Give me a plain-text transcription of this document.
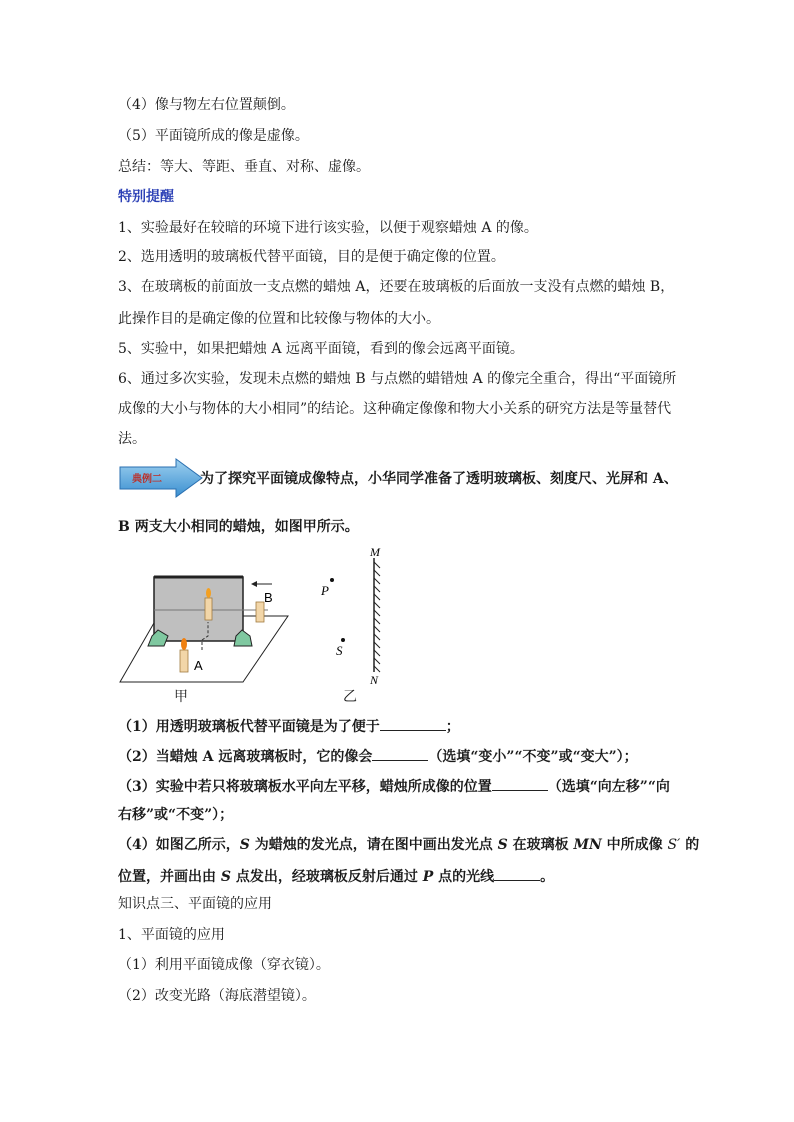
（4）像与物左右位置颠倒。
（5）平面镜所成的像是虚像。
总结：等大、等距、垂直、对称、虚像。
特别提醒
1、实验最好在较暗的环境下进行该实验，以便于观察蜡烛 A 的像。
2、选用透明的玻璃板代替平面镜，目的是便于确定像的位置。
3、在玻璃板的前面放一支点燃的蜡烛 A，还要在玻璃板的后面放一支没有点燃的蜡烛 B，
此操作目的是确定像的位置和比较像与物体的大小。
5、实验中，如果把蜡烛 A 远离平面镜，看到的像会远离平面镜。
6、通过多次实验，发现未点燃的蜡烛 B 与点燃的蜡错烛 A 的像完全重合，得出“平面镜所
成像的大小与物体的大小相同”的结论。这种确定像像和物大小关系的研究方法是等量替代
法。
典例二	为了探究平面镜成像特点，小华同学准备了透明玻璃板、刻度尺、光屏和 A、
B 两支大小相同的蜡烛，如图甲所示。
A
B
甲
M
N
P
S
乙
（1）用透明玻璃板代替平面镜是为了便于	；
（2）当蜡烛 A 远离玻璃板时，它的像会	（选填“变小”“不变”或“变大”）；
（3）实验中若只将玻璃板水平向左平移，蜡烛所成像的位置	（选填“向左移”“向
右移”或“不变”）；
（4）如图乙所示，S 为蜡烛的发光点，请在图中画出发光点 S 在玻璃板 MN 中所成像 S′ 的
位置，并画出由 S 点发出，经玻璃板反射后通过 P 点的光线	。
知识点三、平面镜的应用
1、平面镜的应用
（1）利用平面镜成像（穿衣镜）。
（2）改变光路（海底潜望镜）。
